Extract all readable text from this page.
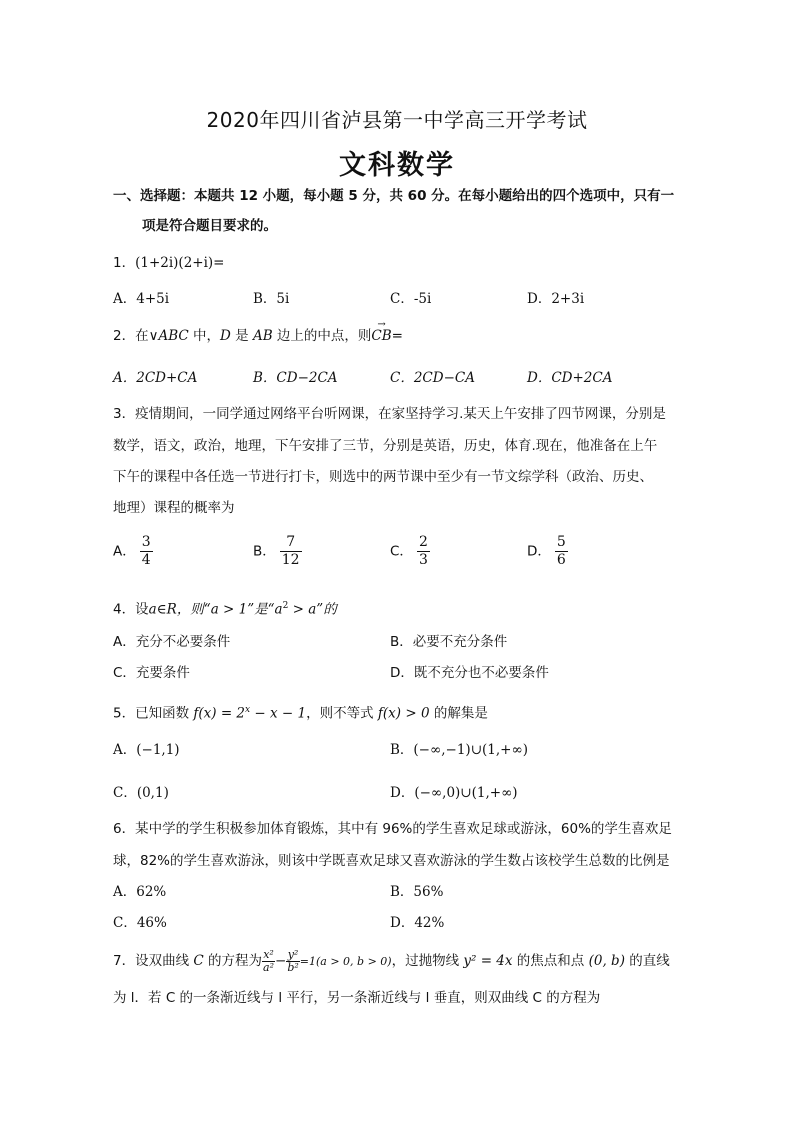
2020年四川省泸县第一中学高三开学考试
文科数学
一、选择题：本题共 12 小题，每小题 5 分，共 60 分。在每小题给出的四个选项中，只有一
项是符合题目要求的。
1．(1+2i)(2+i)=
A．4+5i	B．5i	C．-5i	D．2+3i
2．在∨ABC 中，D 是 AB 边上的中点，则→ CB=
A．2CD+CA	B．CD−2CA	C．2CD−CA	D．CD+2CA
3．疫情期间，一同学通过网络平台听网课，在家坚持学习.某天上午安排了四节网课，分别是
数学，语文，政治，地理，下午安排了三节，分别是英语，历史，体育.现在，他准备在上午
下午的课程中各任选一节进行打卡，则选中的两节课中至少有一节文综学科（政治、历史、
地理）课程的概率为
A． $\frac{3}{4}$	B． $\frac{7}{12}$	C． $\frac{2}{3}$	D． $\frac{5}{6}$
4．设a∈R，则“a > 1”是“$a^2 > a$”的
A．充分不必要条件	B．必要不充分条件
C．充要条件	D．既不充分也不必要条件
5．已知函数 $f(x) = 2^x - x - 1$，则不等式 f(x) > 0 的解集是
A．(−1,1)	B．(−∞,−1)∪(1,+∞)
C．(0,1)	D．(−∞,0)∪(1,+∞)
6．某中学的学生积极参加体育锻炼，其中有 96%的学生喜欢足球或游泳，60%的学生喜欢足
球，82%的学生喜欢游泳，则该中学既喜欢足球又喜欢游泳的学生数占该校学生总数的比例是
A．62%	B．56%
C．46%	D．42%
7．设双曲线 C 的方程为 $\frac{\text{x²}}{\text{a²}} - \frac{\text{y²}}{\text{b²}} =1(a > 0$, b > 0)，过抛物线 y² = 4x 的焦点和点 (0, b) 的直线
为 l．若 C 的一条渐近线与 l 平行，另一条渐近线与 l 垂直，则双曲线 C 的方程为
